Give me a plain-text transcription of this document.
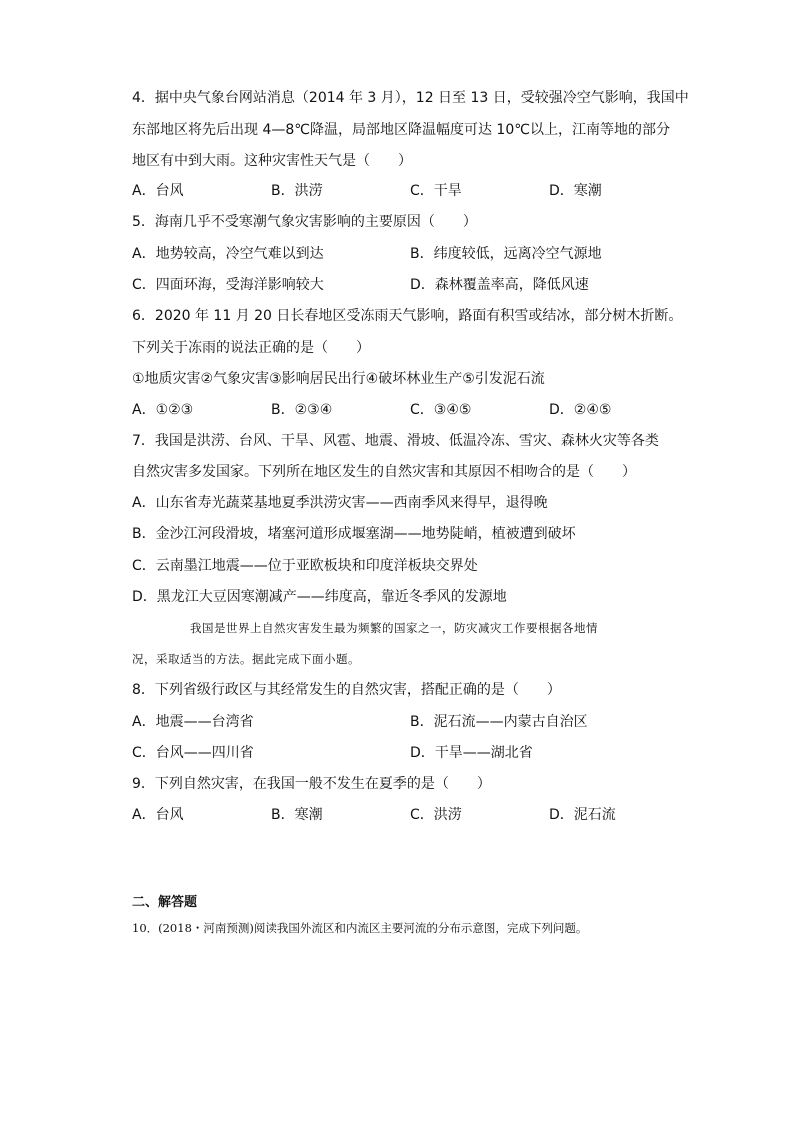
4．据中央气象台网站消息（2014 年 3 月），12 日至 13 日，受较强冷空气影响，我国中
东部地区将先后出现 4—8℃降温，局部地区降温幅度可达 10℃以上，江南等地的部分
地区有中到大雨。这种灾害性天气是（　　）
A．台风	B．洪涝	C．干旱	D．寒潮
5．海南几乎不受寒潮气象灾害影响的主要原因（　　）
A．地势较高，冷空气难以到达	B．纬度较低，远离冷空气源地
C．四面环海，受海洋影响较大	D．森林覆盖率高，降低风速
6．2020 年 11 月 20 日长春地区受冻雨天气影响，路面有积雪或结冰，部分树木折断。
下列关于冻雨的说法正确的是（　　）
①地质灾害②气象灾害③影响居民出行④破坏林业生产⑤引发泥石流
A．①②③	B．②③④	C．③④⑤	D．②④⑤
7．我国是洪涝、台风、干旱、风雹、地震、滑坡、低温冷冻、雪灾、森林火灾等各类
自然灾害多发国家。下列所在地区发生的自然灾害和其原因不相吻合的是（　　）
A．山东省寿光蔬菜基地夏季洪涝灾害——西南季风来得早，退得晚
B．金沙江河段滑坡，堵塞河道形成堰塞湖——地势陡峭，植被遭到破坏
C．云南墨江地震——位于亚欧板块和印度洋板块交界处
D．黑龙江大豆因寒潮减产——纬度高，靠近冬季风的发源地
我国是世界上自然灾害发生最为频繁的国家之一，防灾减灾工作要根据各地情
况，采取适当的方法。据此完成下面小题。
8．下列省级行政区与其经常发生的自然灾害，搭配正确的是（　　）
A．地震——台湾省	B．泥石流——内蒙古自治区
C．台风——四川省	D．干旱——湖北省
9．下列自然灾害，在我国一般不发生在夏季的是（　　）
A．台风	B．寒潮	C．洪涝	D．泥石流
二、解答题
10．(2018・河南预测)阅读我国外流区和内流区主要河流的分布示意图，完成下列问题。
